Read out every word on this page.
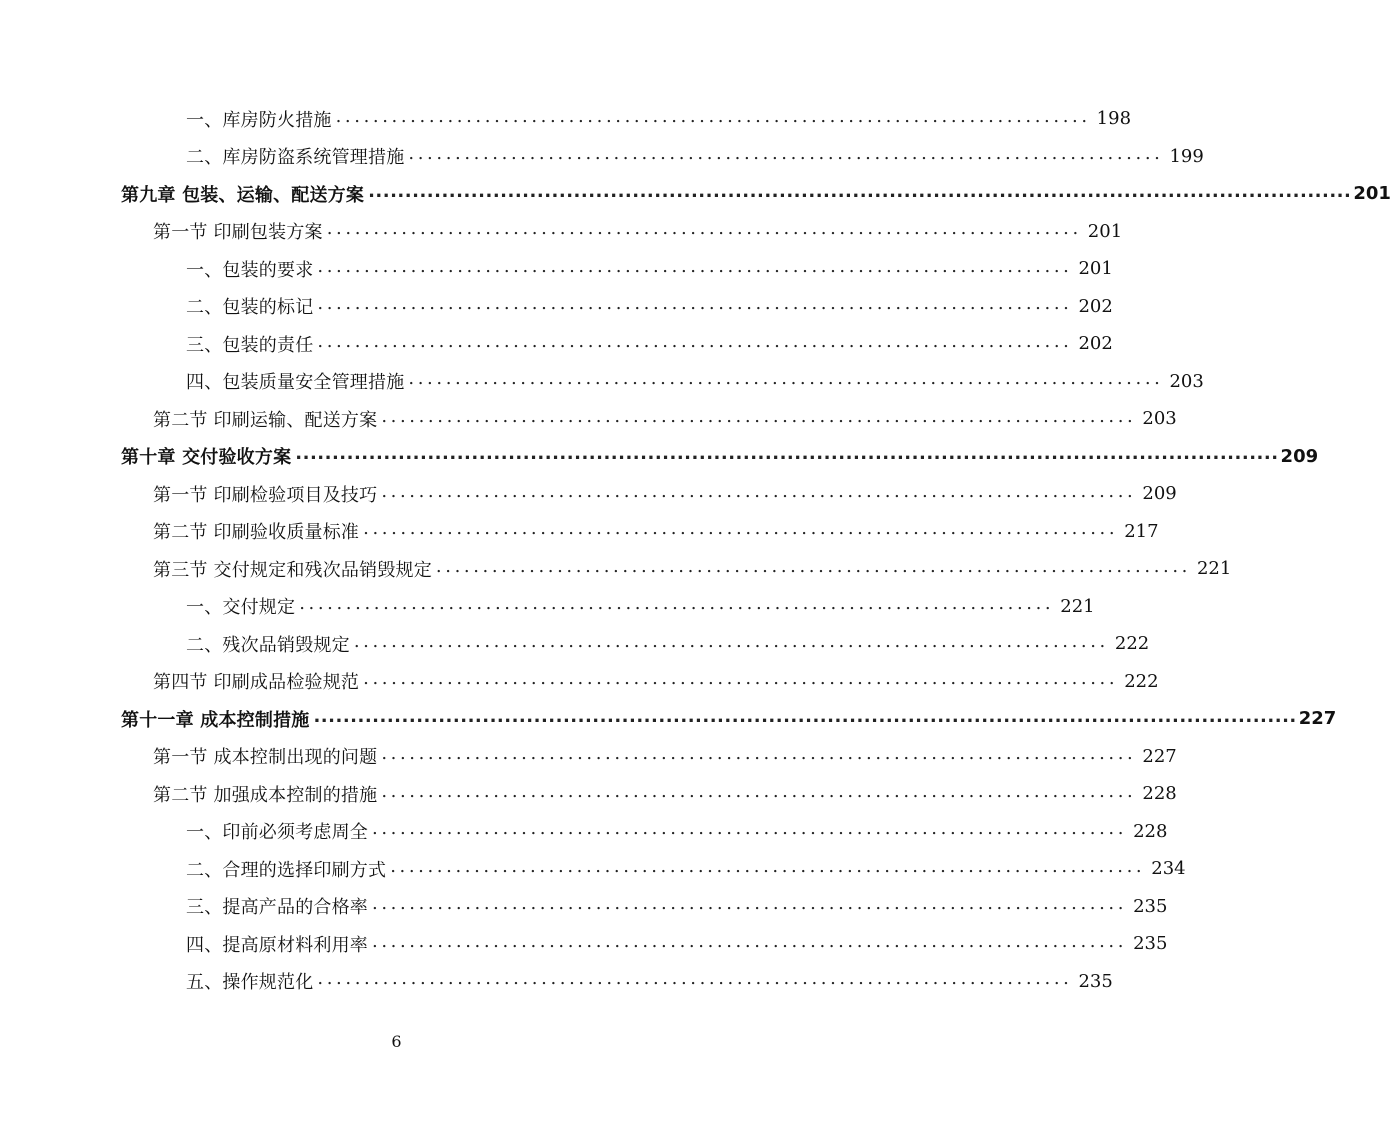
一、库房防火措施 ................................................................................. 198
二、库房防盗系统管理措施 ................................................................................. 199
第九章 包装、运输、配送方案 ...................................................................................................................................... 201
第一节 印刷包装方案 ................................................................................. 201
一、包装的要求 ................................................................................. 201
二、包装的标记 ................................................................................. 202
三、包装的责任 ................................................................................. 202
四、包装质量安全管理措施 ................................................................................. 203
第二节 印刷运输、配送方案 ................................................................................. 203
第十章 交付验收方案 ...................................................................................................................................... 209
第一节 印刷检验项目及技巧 ................................................................................. 209
第二节 印刷验收质量标准 ................................................................................. 217
第三节 交付规定和残次品销毁规定 ................................................................................. 221
一、交付规定 ................................................................................. 221
二、残次品销毁规定 ................................................................................. 222
第四节 印刷成品检验规范 ................................................................................. 222
第十一章 成本控制措施 ...................................................................................................................................... 227
第一节 成本控制出现的问题 ................................................................................. 227
第二节 加强成本控制的措施 ................................................................................. 228
一、印前必须考虑周全 ................................................................................. 228
二、合理的选择印刷方式 ................................................................................. 234
三、提高产品的合格率 ................................................................................. 235
四、提高原材料利用率 ................................................................................. 235
五、操作规范化 ................................................................................. 235
6
